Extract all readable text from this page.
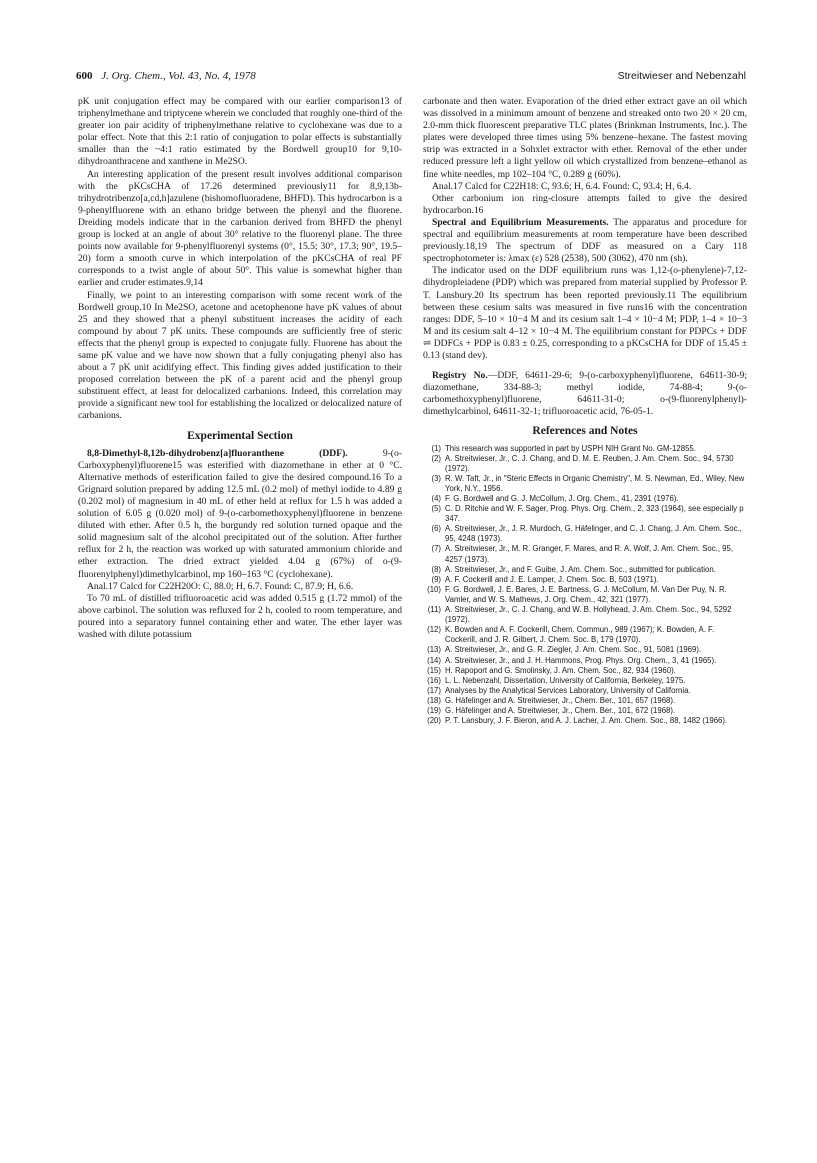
600 J. Org. Chem., Vol. 43, No. 4, 1978	Streitwieser and Nebenzahl

pK unit conjugation effect may be compared with our earlier comparison13 of triphenylmethane and triptycene wherein we concluded that roughly one-third of the greater ion pair acidity of triphenylmethane relative to cyclohexane was due to a polar effect. Note that this 2:1 ratio of conjugation to polar effects is substantially smaller than the ~4:1 ratio estimated by the Bordwell group10 for 9,10-dihydroanthracene and xanthene in Me2SO.

An interesting application of the present result involves additional comparison with the pKCsCHA of 17.26 determined previously11 for 8,9,13b-trihydrotribenzo[a,cd,h]azulene (bishomofluoradene, BHFD). This hydrocarbon is a 9-phenylfluorene with an ethano bridge between the phenyl and the fluorene. Dreiding models indicate that in the carbanion derived from BHFD the phenyl group is locked at an angle of about 30° relative to the fluorenyl plane. The three points now available for 9-phenylfluorenyl systems (0°, 15.5; 30°, 17.3; 90°, 19.5–20) form a smooth curve in which interpolation of the pKCsCHA of real PF corresponds to a twist angle of about 50°. This value is somewhat higher than earlier and cruder estimates.9,14

Finally, we point to an interesting comparison with some recent work of the Bordwell group.10 In Me2SO, acetone and acetophenone have pK values of about 25 and they showed that a phenyl substituent increases the acidity of each compound by about 7 pK units. These compounds are sufficiently free of steric effects that the phenyl group is expected to conjugate fully. Fluorene has about the same pK value and we have now shown that a fully conjugating phenyl also has about a 7 pK unit acidifying effect. This finding gives added justification to their proposed correlation between the pK of a parent acid and the phenyl group substituent effect, at least for delocalized carbanions. Indeed, this correlation may provide a significant new tool for establishing the localized or delocalized nature of carbanions.

Experimental Section

8,8-Dimethyl-8,12b-dihydrobenz[a]fluoranthene (DDF).	9-(o-Carboxyphenyl)fluorene15 was esterified with diazomethane in ether at 0 °C. Alternative methods of esterification failed to give the desired compound.16 To a Grignard solution prepared by adding 12.5 mL (0.2 mol) of methyl iodide to 4.89 g (0.202 mol) of magnesium in 40 mL of ether held at reflux for 1.5 h was added a solution of 6.05 g (0.020 mol) of 9-(o-carbomethoxyphenyl)fluorene in benzene diluted with ether. After 0.5 h, the burgundy red solution turned opaque and the solid magnesium salt of the alcohol precipitated out of the solution. After further reflux for 2 h, the reaction was worked up with saturated ammonium chloride and ether extraction. The dried extract yielded 4.04 g (67%) of o-(9-fluorenylphenyl)dimethylcarbinol, mp 160–163 °C (cyclohexane).

Anal.17 Calcd for C22H20O: C, 88.0; H, 6.7. Found: C, 87.9; H, 6.6.

To 70 mL of distilled trifluoroacetic acid was added 0.515 g (1.72 mmol) of the above carbinol. The solution was refluxed for 2 h, cooled to room temperature, and poured into a separatory funnel containing ether and water. The ether layer was washed with dilute potassium

carbonate and then water. Evaporation of the dried ether extract gave an oil which was dissolved in a minimum amount of benzene and streaked onto two 20 × 20 cm, 2.0-mm thick fluorescent preparative TLC plates (Brinkman Instruments, Inc.). The plates were developed three times using 5% benzene–hexane. The fastest moving strip was extracted in a Sohxlet extractor with ether. Removal of the ether under reduced pressure left a light yellow oil which crystallized from benzene–ethanol as fine white needles, mp 102–104 °C, 0.289 g (60%).

Anal.17 Calcd for C22H18: C, 93.6; H, 6.4. Found: C, 93.4; H, 6.4.

Other carbonium ion ring-closure attempts failed to give the desired hydrocarbon.16

Spectral and Equilibrium Measurements. The apparatus and procedure for spectral and equilibrium measurements at room temperature have been described previously.18,19 The spectrum of DDF as measured on a Cary 118 spectrophotometer is: λmax (ε) 528 (2538), 500 (3062), 470 nm (sh).

The indicator used on the DDF equilibrium runs was 1,12-(o-phenylene)-7,12-dihydropleiadene (PDP) which was prepared from material supplied by Professor P. T. Lansbury.20 Its spectrum has been reported previously.11 The equilibrium between these cesium salts was measured in five runs16 with the concentration ranges: DDF, 5–10 × 10−4 M and its cesium salt 1–4 × 10−4 M; PDP, 1–4 × 10−3 M and its cesium salt 4–12 × 10−4 M. The equilibrium constant for PDPCs + DDF ⇌ DDFCs + PDP is 0.83 ± 0.25, corresponding to a pKCsCHA for DDF of 15.45 ± 0.13 (stand dev).

Registry No.—DDF, 64611-29-6; 9-(o-carboxyphenyl)fluorene, 64611-30-9; diazomethane, 334-88-3; methyl iodide, 74-88-4; 9-(o-carbomethoxyphenyl)fluorene, 64611-31-0; o-(9-fluorenylphenyl)-dimethylcarbinol, 64611-32-1; trifluoroacetic acid, 76-05-1.

References and Notes
(1) This research was supported in part by USPH NIH Grant No. GM-12855.
(2) A. Streitwieser, Jr., C. J. Chang, and D. M. E. Reuben, J. Am. Chem. Soc., 94, 5730 (1972).
(3) R. W. Taft, Jr., in "Steric Effects in Organic Chemistry", M. S. Newman, Ed., Wiley, New York, N.Y., 1956.
(4) F. G. Bordwell and G. J. McCollum, J. Org. Chem., 41, 2391 (1976).
(5) C. D. Ritchie and W. F. Sager, Prog. Phys. Org. Chem., 2, 323 (1964), see especially p 347.
(6) A. Streitwieser, Jr., J. R. Murdoch, G. Häfelinger, and C. J. Chang, J. Am. Chem. Soc., 95, 4248 (1973).
(7) A. Streitwieser, Jr., M. R. Granger, F. Mares, and R. A. Wolf, J. Am. Chem. Soc., 95, 4257 (1973).
(8) A. Streitwieser, Jr., and F. Guibe, J. Am. Chem. Soc., submitted for publication.
(9) A. F. Cockerill and J. E. Lamper, J. Chem. Soc. B, 503 (1971).
(10) F. G. Bordwell, J. E. Bares, J. E. Bartness, G. J. McCollum, M. Van Der Puy, N. R. Vamler, and W. S. Mathews, J. Org. Chem., 42, 321 (1977).
(11) A. Streitwieser, Jr., C. J. Chang, and W. B. Hollyhead, J. Am. Chem. Soc., 94, 5292 (1972).
(12) K. Bowden and A. F. Cockerill, Chem. Commun., 989 (1967); K. Bowden, A. F. Cockerill, and J. R. Gilbert, J. Chem. Soc. B, 179 (1970).
(13) A. Streitwieser, Jr., and G. R. Ziegler, J. Am. Chem. Soc., 91, 5081 (1969).
(14) A. Streitwieser, Jr., and J. H. Hammons, Prog. Phys. Org. Chem., 3, 41 (1965).
(15) H. Rapoport and G. Smolinsky, J. Am. Chem. Soc., 82, 934 (1960).
(16) L. L. Nebenzahl, Dissertation, University of California, Berkeley, 1975.
(17) Analyses by the Analytical Services Laboratory, University of California.
(18) G. Häfelinger and A. Streitwieser, Jr., Chem. Ber., 101, 657 (1968).
(19) G. Häfelinger and A. Streitwieser, Jr., Chem. Ber., 101, 672 (1968).
(20) P. T. Lansbury, J. F. Bieron, and A. J. Lacher, J. Am. Chem. Soc., 88, 1482 (1966).
